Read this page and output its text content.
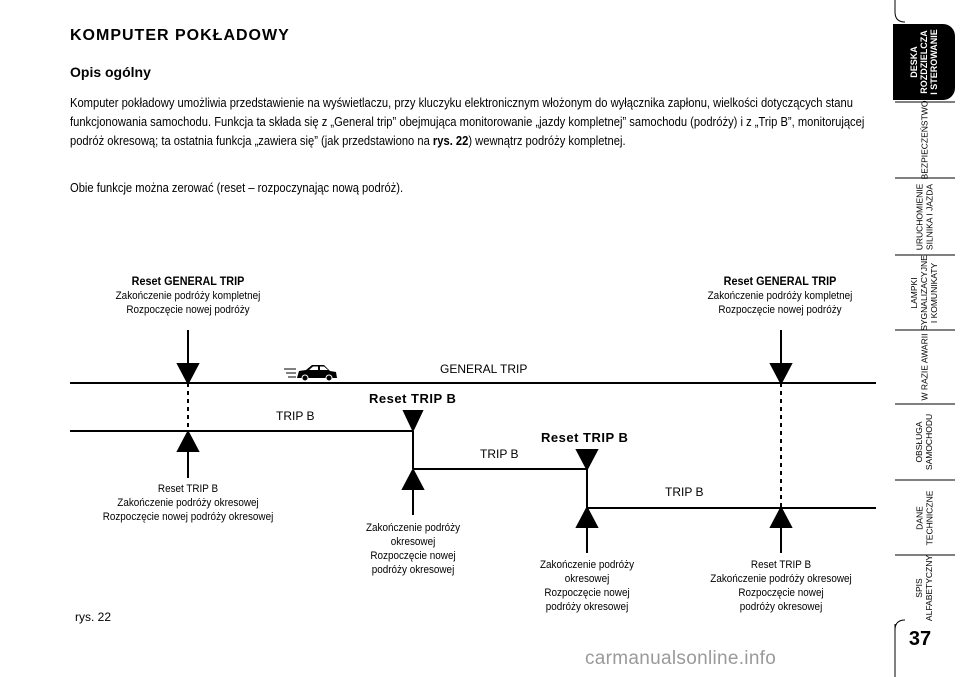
KOMPUTER POKŁADOWY
Opis ogólny
Komputer pokładowy umożliwia przedstawienie na wyświetlaczu, przy kluczyku elektronicznym włożonym do wyłącznika zapłonu, wielkości dotyczących stanu funkcjonowania samochodu. Funkcja ta składa się z „General trip” obejmująca monitorowanie „jazdy kompletnej” samochodu (podróży) i z „Trip B”, monitorującej podróż okresową; ta ostatnia funkcja „zawiera się” (jak przedstawiono na rys. 22) wewnątrz podróży kompletnej.
Obie funkcje można zerować (reset – rozpoczynając nową podróż).
Reset GENERAL TRIP
Zakończenie podróży kompletnej
Rozpoczęcie nowej podróży
Reset GENERAL TRIP
Zakończenie podróży kompletnej
Rozpoczęcie nowej podróży
GENERAL TRIP
TRIP B
TRIP B
TRIP B
Reset TRIP B
Reset TRIP B
Reset TRIP B
Zakończenie podróży okresowej
Rozpoczęcie nowej podróży okresowej
Zakończenie podróży
okresowej
Rozpoczęcie nowej
podróży okresowej	Zakończenie podróży
okresowej
Rozpoczęcie nowej
podróży okresowej
Reset TRIP B
Zakończenie podróży okresowej
Rozpoczęcie nowej
podróży okresowej
rys. 22
DESKA
ROZDZIELCZA
I STEROWANIE
BEZPIECZEŃSTWO
URUCHOMIENIE
SILNIKA I JAZDA
LAMPKI
SYGNALIZACYJNE
I KOMUNIKATY
W RAZIE AWARII
OBSŁUGA
SAMOCHODU
DANE
TECHNICZNE
SPIS
ALFABETYCZNY
37
carmanualsonline.info
